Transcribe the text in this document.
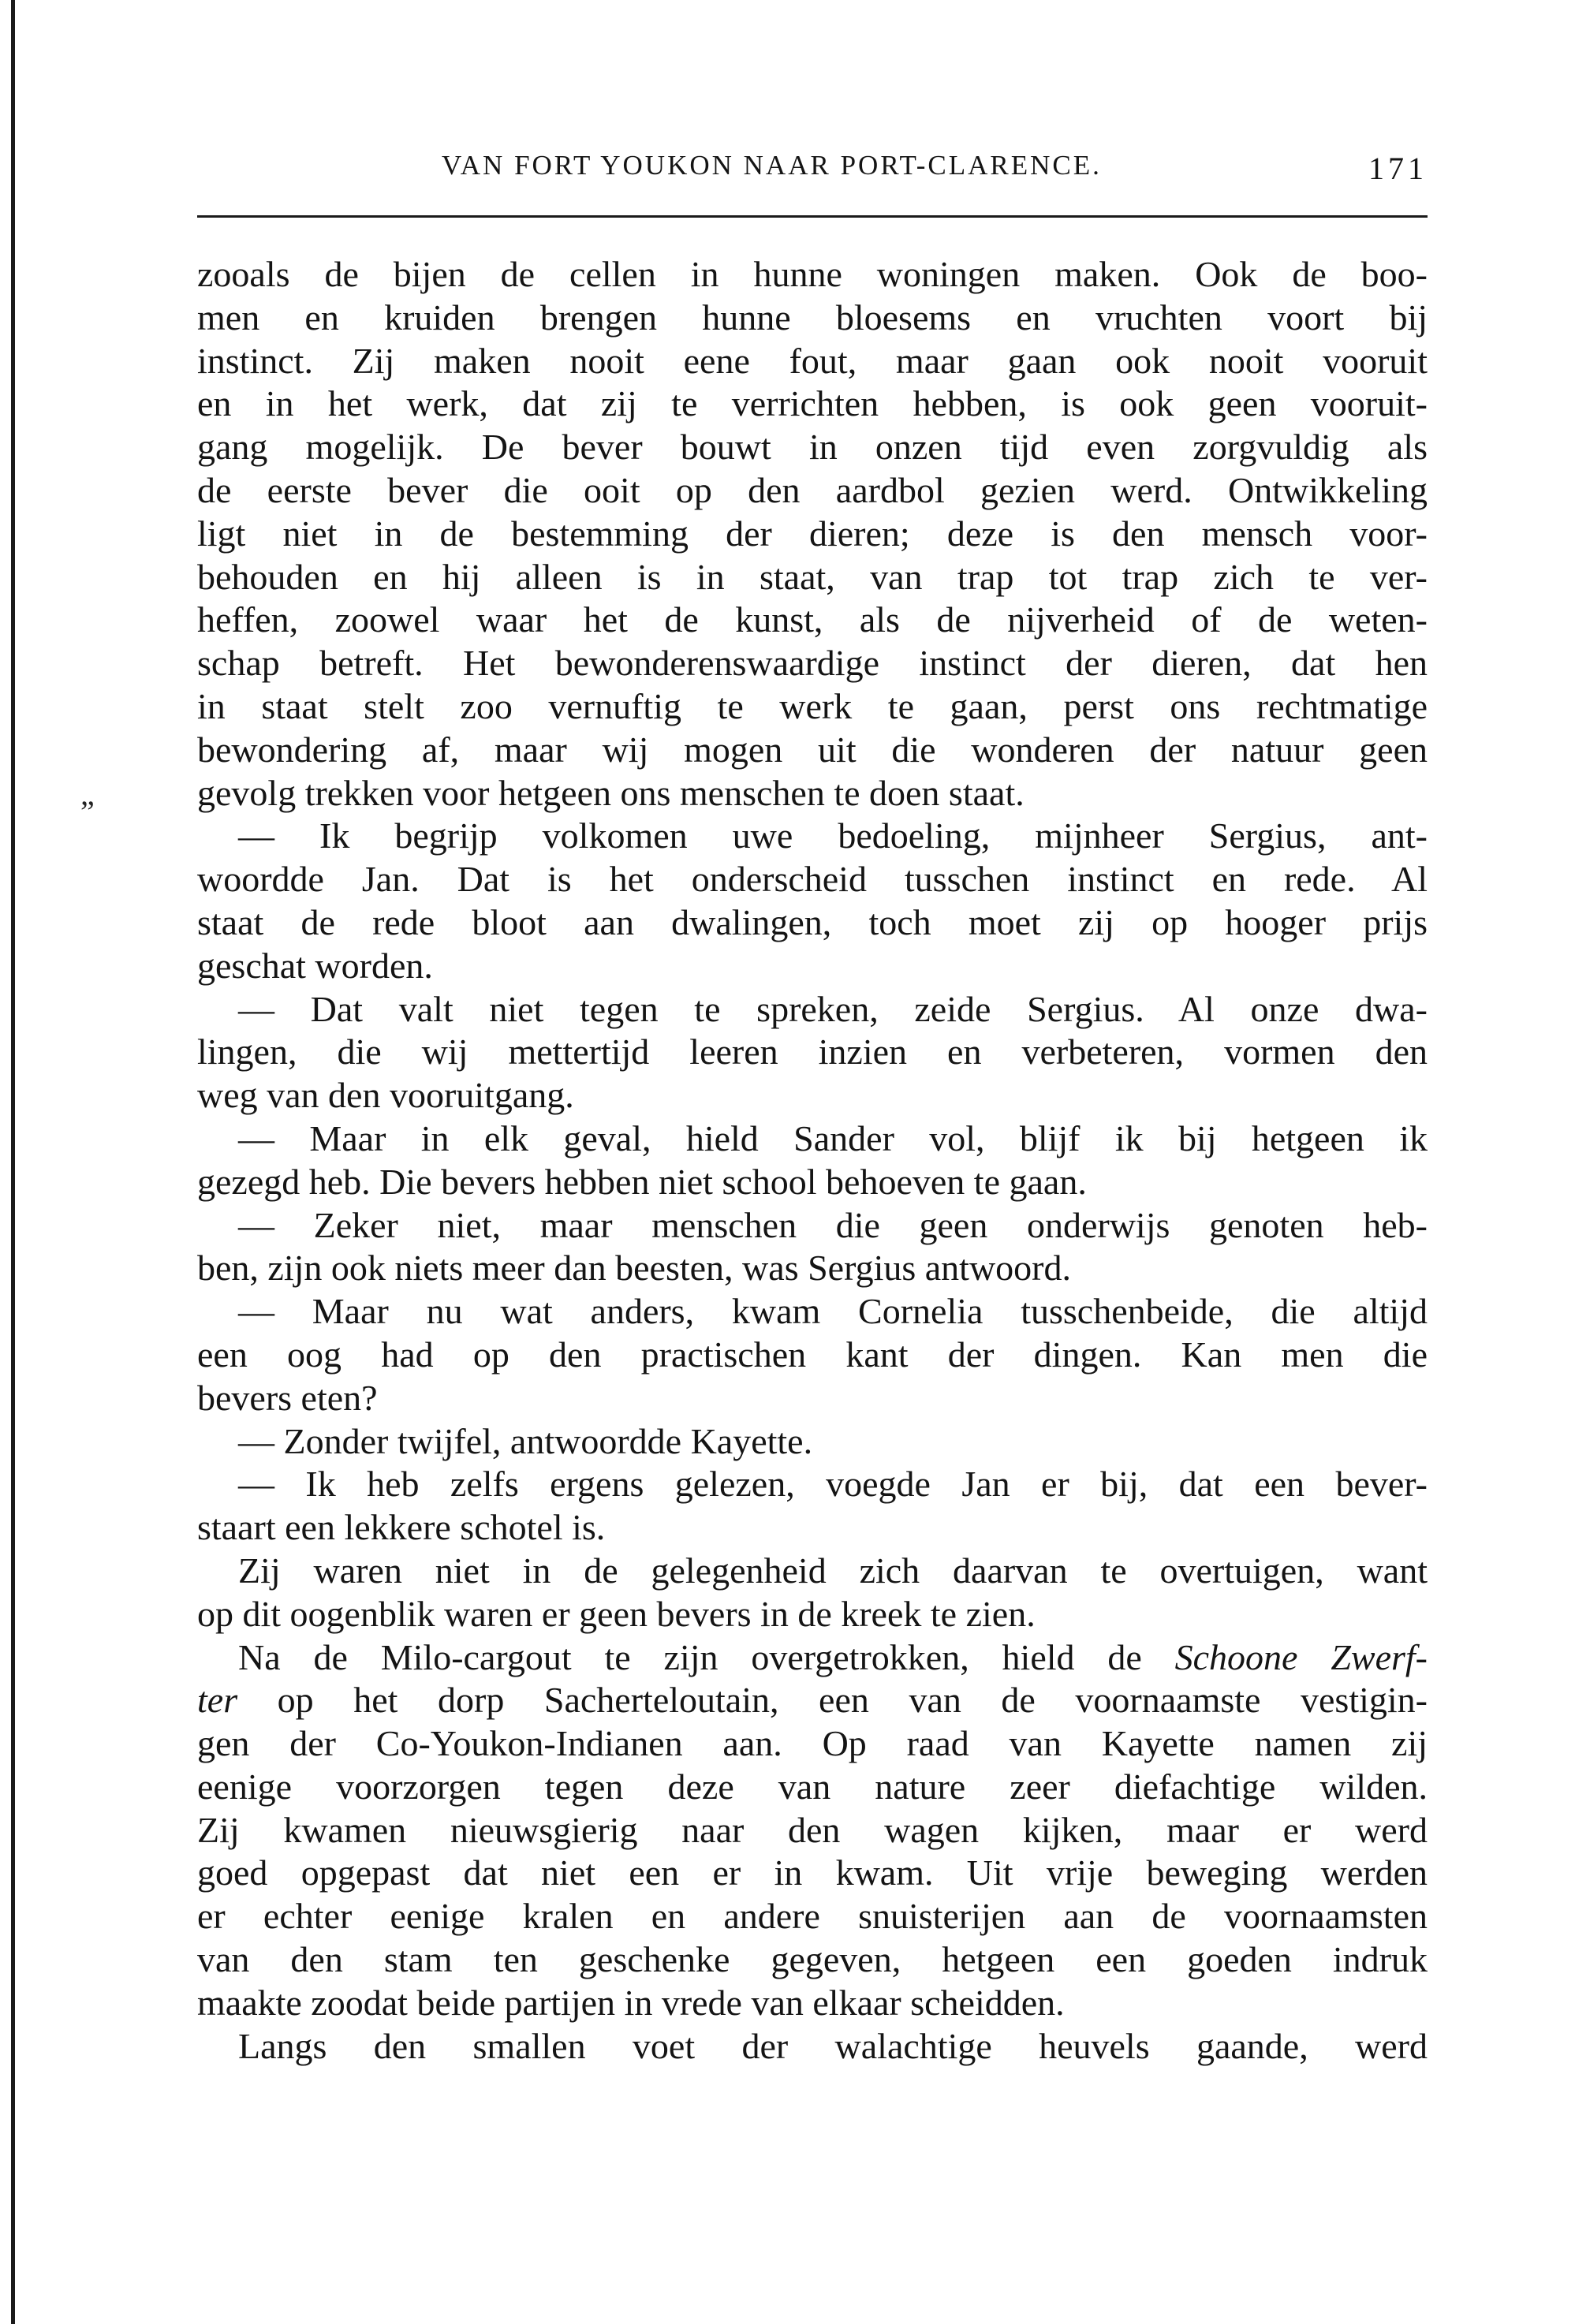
”
VAN FORT YOUKON NAAR PORT-CLARENCE.	171
zooals de bijen de cellen in hunne woningen maken. Ook de boo-
men en kruiden brengen hunne bloesems en vruchten voort bij
instinct. Zij maken nooit eene fout, maar gaan ook nooit vooruit
en in het werk, dat zij te verrichten hebben, is ook geen vooruit-
gang mogelijk. De bever bouwt in onzen tijd even zorgvuldig als
de eerste bever die ooit op den aardbol gezien werd. Ontwikkeling
ligt niet in de bestemming der dieren; deze is den mensch voor-
behouden en hij alleen is in staat, van trap tot trap zich te ver-
heffen, zoowel waar het de kunst, als de nijverheid of de weten-
schap betreft. Het bewonderenswaardige instinct der dieren, dat hen
in staat stelt zoo vernuftig te werk te gaan, perst ons rechtmatige
bewondering af, maar wij mogen uit die wonderen der natuur geen
gevolg trekken voor hetgeen ons menschen te doen staat.
— Ik begrijp volkomen uwe bedoeling, mijnheer Sergius, ant-
woordde Jan. Dat is het onderscheid tusschen instinct en rede. Al
staat de rede bloot aan dwalingen, toch moet zij op hooger prijs
geschat worden.
— Dat valt niet tegen te spreken, zeide Sergius. Al onze dwa-
lingen, die wij mettertijd leeren inzien en verbeteren, vormen den
weg van den vooruitgang.
— Maar in elk geval, hield Sander vol, blijf ik bij hetgeen ik
gezegd heb. Die bevers hebben niet school behoeven te gaan.
— Zeker niet, maar menschen die geen onderwijs genoten heb-
ben, zijn ook niets meer dan beesten, was Sergius antwoord.
— Maar nu wat anders, kwam Cornelia tusschenbeide, die altijd
een oog had op den practischen kant der dingen. Kan men die
bevers eten?
— Zonder twijfel, antwoordde Kayette.
— Ik heb zelfs ergens gelezen, voegde Jan er bij, dat een bever-
staart een lekkere schotel is.
Zij waren niet in de gelegenheid zich daarvan te overtuigen, want
op dit oogenblik waren er geen bevers in de kreek te zien.
Na de Milo-cargout te zijn overgetrokken, hield de Schoone Zwerf-
ter op het dorp Sacherteloutain, een van de voornaamste vestigin-
gen der Co-Youkon-Indianen aan. Op raad van Kayette namen zij
eenige voorzorgen tegen deze van nature zeer diefachtige wilden.
Zij kwamen nieuwsgierig naar den wagen kijken, maar er werd
goed opgepast dat niet een er in kwam. Uit vrije beweging werden
er echter eenige kralen en andere snuisterijen aan de voornaamsten
van den stam ten geschenke gegeven, hetgeen een goeden indruk
maakte zoodat beide partijen in vrede van elkaar scheidden.
Langs den smallen voet der walachtige heuvels gaande, werd
